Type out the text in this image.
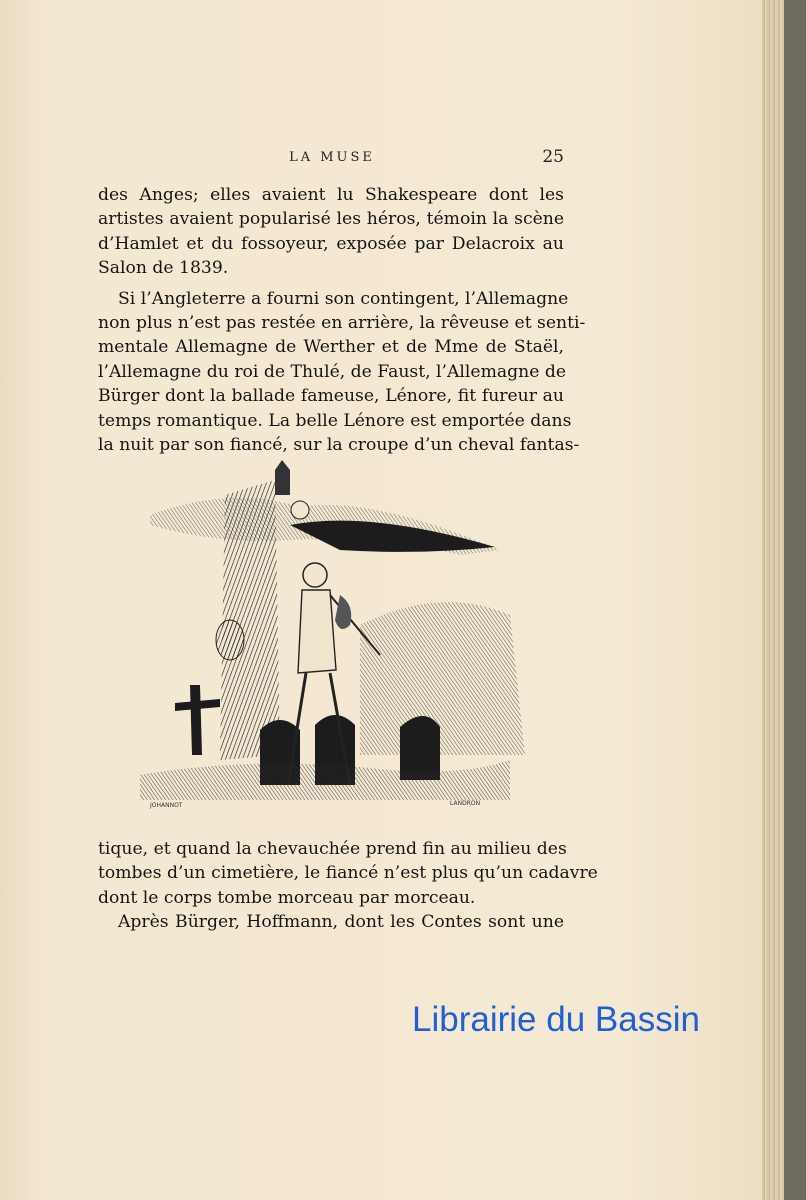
LA MUSE	25
des Anges; elles avaient lu Shakespeare dont les
artistes avaient popularisé les héros, témoin la scène
d’Hamlet et du fossoyeur, exposée par Delacroix au
Salon de 1839.
Si l’Angleterre a fourni son contingent, l’Allemagne
non plus n’est pas restée en arrière, la rêveuse et senti-
mentale Allemagne de Werther et de Mme de Staël,
l’Allemagne du roi de Thulé, de Faust, l’Allemagne de
Bürger dont la ballade fameuse, Lénore, fit fureur au
temps romantique. La belle Lénore est emportée dans
la nuit par son fiancé, sur la croupe d’un cheval fantas-
JOHANNOT	LANDRON
tique, et quand la chevauchée prend fin au milieu des
tombes d’un cimetière, le fiancé n’est plus qu’un cadavre
dont le corps tombe morceau par morceau.
Après Bürger, Hoffmann, dont les Contes sont une
Librairie du Bassin
